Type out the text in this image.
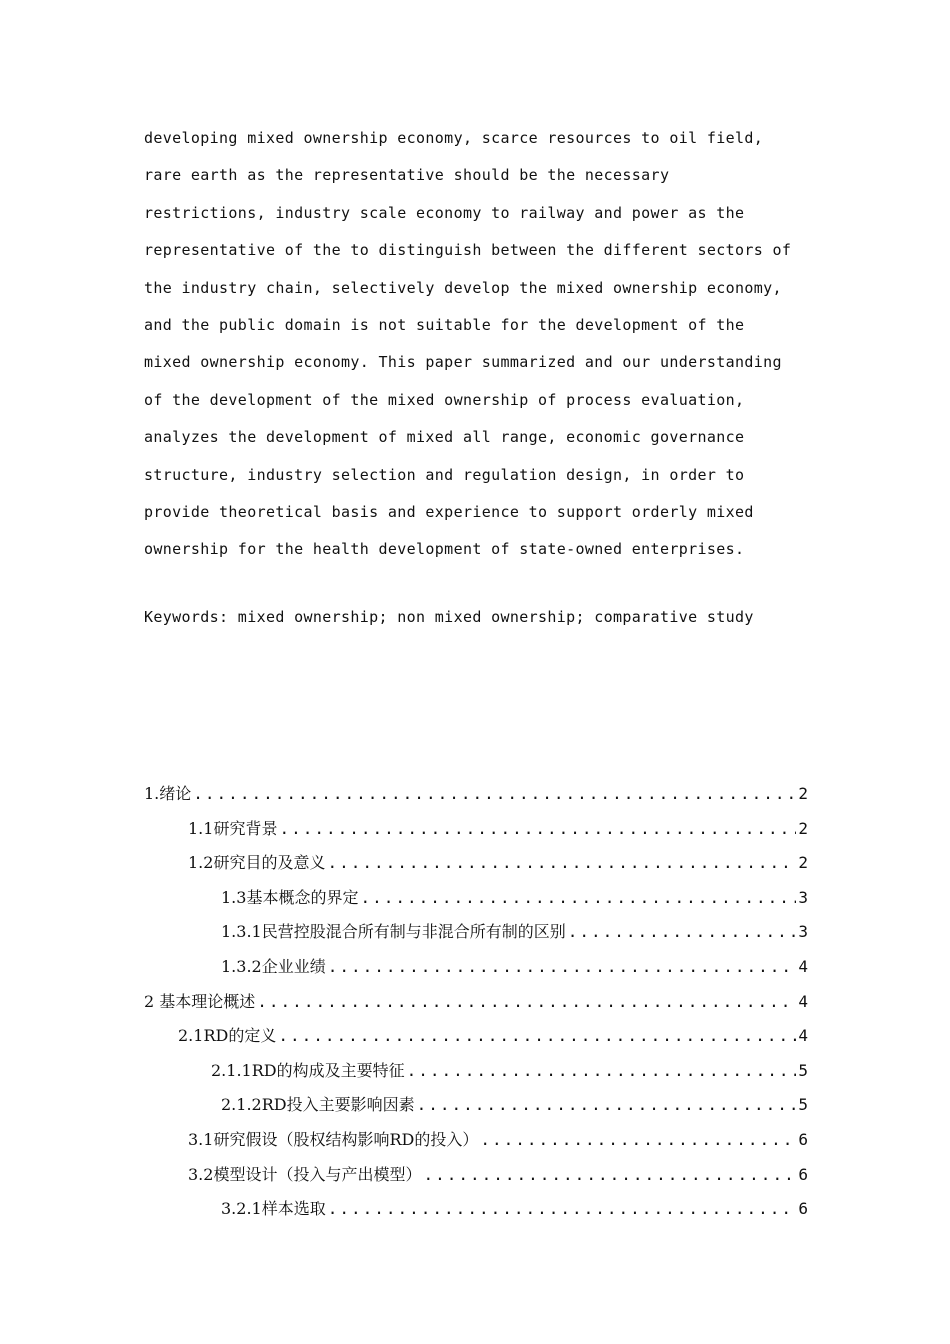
developing mixed ownership economy, scarce resources to oil field,
rare earth as the representative should be the necessary
restrictions, industry scale economy to railway and power as the
representative of the to distinguish between the different sectors of
the industry chain, selectively develop the mixed ownership economy,
and the public domain is not suitable for the development of the
mixed ownership economy. This paper summarized and our understanding
of the development of the mixed ownership of process evaluation,
analyzes the development of mixed all range, economic governance
structure, industry selection and regulation design, in order to
provide theoretical basis and experience to support orderly mixed
ownership for the health development of state-owned enterprises.
Keywords: mixed ownership; non mixed ownership; comparative study
1.绪论 .....	2
1.1研究背景 .....	2
1.2研究目的及意义 .....	2
1.3基本概念的界定 .....	3
1.3.1民营控股混合所有制与非混合所有制的区别 .....	3
1.3.2企业业绩 .....	4
2 基本理论概述 .....	4
2.1RD的定义 .....	4
2.1.1RD的构成及主要特征 .....	5
2.1.2RD投入主要影响因素 .....	5
3.1研究假设（股权结构影响RD的投入） .....	6
3.2模型设计（投入与产出模型） .....	6
3.2.1样本选取 .....	6
